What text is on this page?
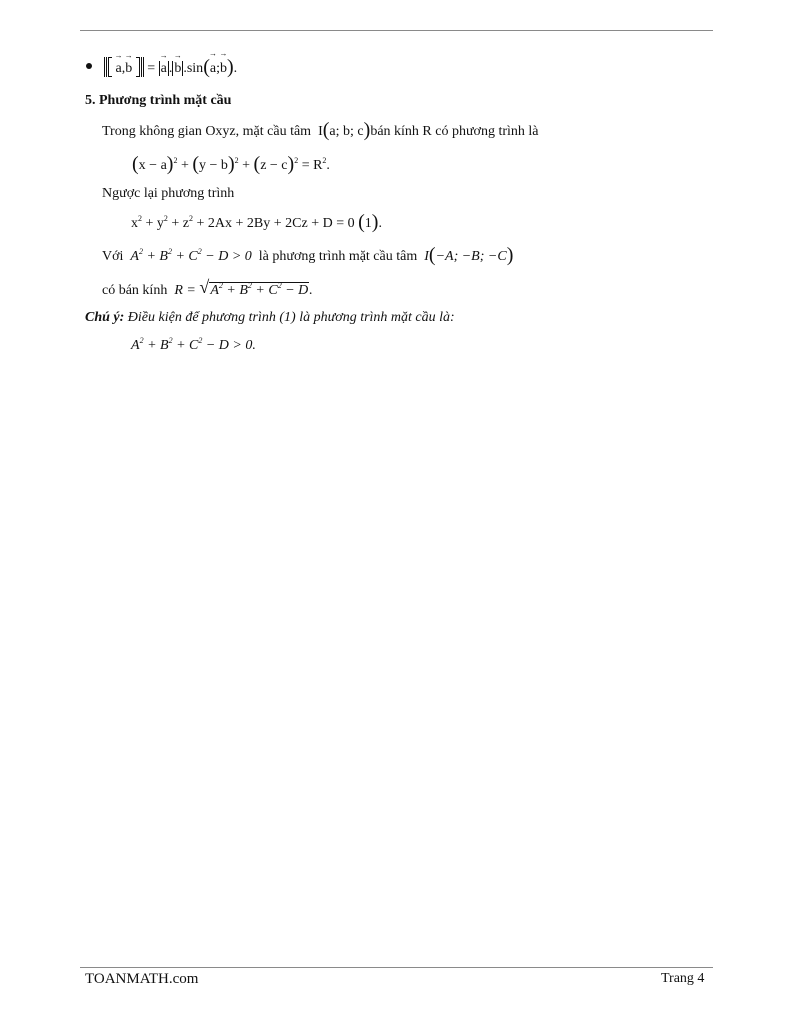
→ a,→ b = → a . → b .sin(→ a;→ b).
5. Phương trình mặt cầu
Trong không gian Oxyz, mặt cầu tâm I(a; b; c)bán kính R có phương trình là
$(x - a)^2 + (y - b)^2 + (z - c)^2 = R^2$.
Ngược lại phương trình
$x^2 + y^2 + z^2 + 2Ax + 2By + 2Cz + D = 0$ (1).
Với $A^2 + B^2 + C^2 - D > 0$ là phương trình mặt cầu tâm I(−A; −B; −C)
có bán kính R = √ $A^2 + B^2 + C^2 - D$.
Chú ý: Điều kiện để phương trình (1) là phương trình mặt cầu là:
$A^2 + B^2 + C^2 - D > 0$.
TOANMATH.com	Trang 4
